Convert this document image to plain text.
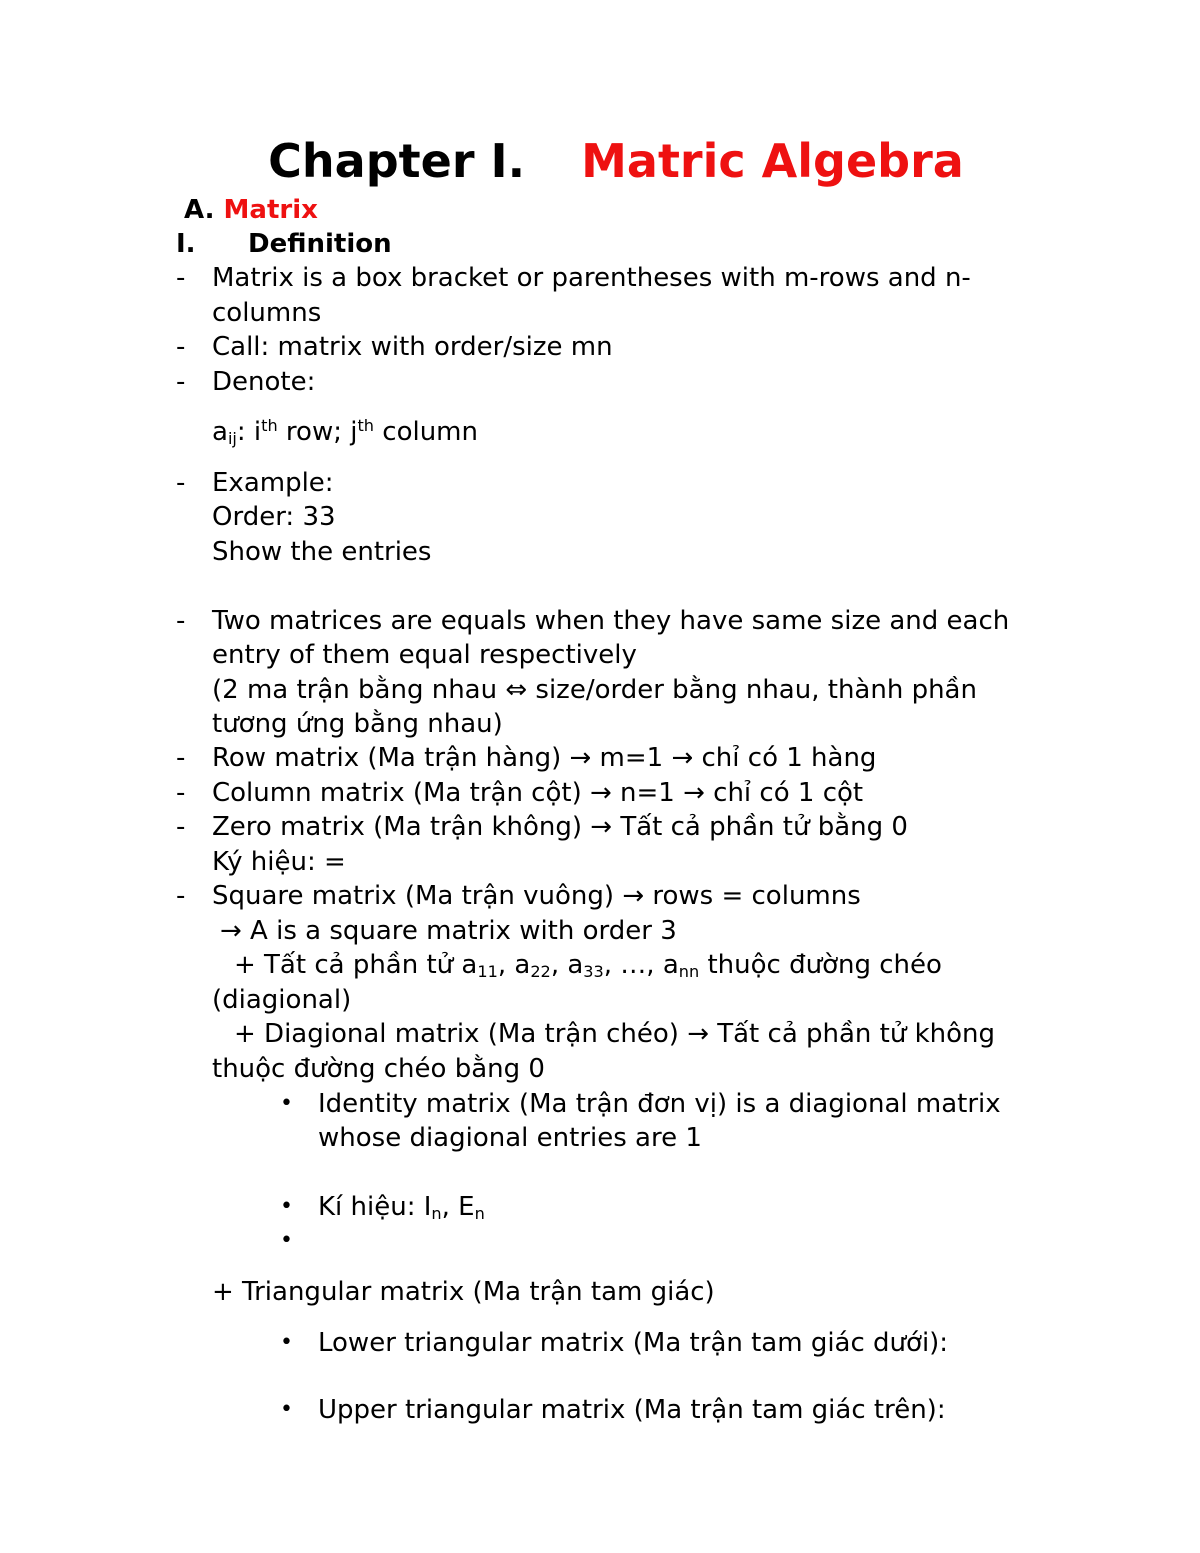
Chapter I. Matric Algebra
A. Matrix
I. Definition
- Matrix is a box bracket or parentheses with m-rows and n-
columns
- Call: matrix with order/size mn
- Denote:
$a_{ij}$: $i^{th}$ row; $j^{th}$ column
- Example:
Order: 33
Show the entries
- Two matrices are equals when they have same size and each
entry of them equal respectively
(2 ma trận bằng nhau ⇔ size/order bằng nhau, thành phần
tương ứng bằng nhau)
- Row matrix (Ma trận hàng) → m=1 → chỉ có 1 hàng
- Column matrix (Ma trận cột) → n=1 → chỉ có 1 cột
- Zero matrix (Ma trận không) → Tất cả phần tử bằng 0
Ký hiệu: =
- Square matrix (Ma trận vuông) → rows = columns
→ A is a square matrix with order 3
+ Tất cả phần tử $a_{11}$, $a_{22}$, $a_{33}$, …, $a_{nn}$ thuộc đường chéo
(diagional)
+ Diagional matrix (Ma trận chéo) → Tất cả phần tử không
thuộc đường chéo bằng 0
• Identity matrix (Ma trận đơn vị) is a diagional matrix
whose diagional entries are 1
• Kí hiệu: $I_n$, $E_n$
•
+ Triangular matrix (Ma trận tam giác)
• Lower triangular matrix (Ma trận tam giác dưới):
• Upper triangular matrix (Ma trận tam giác trên):
